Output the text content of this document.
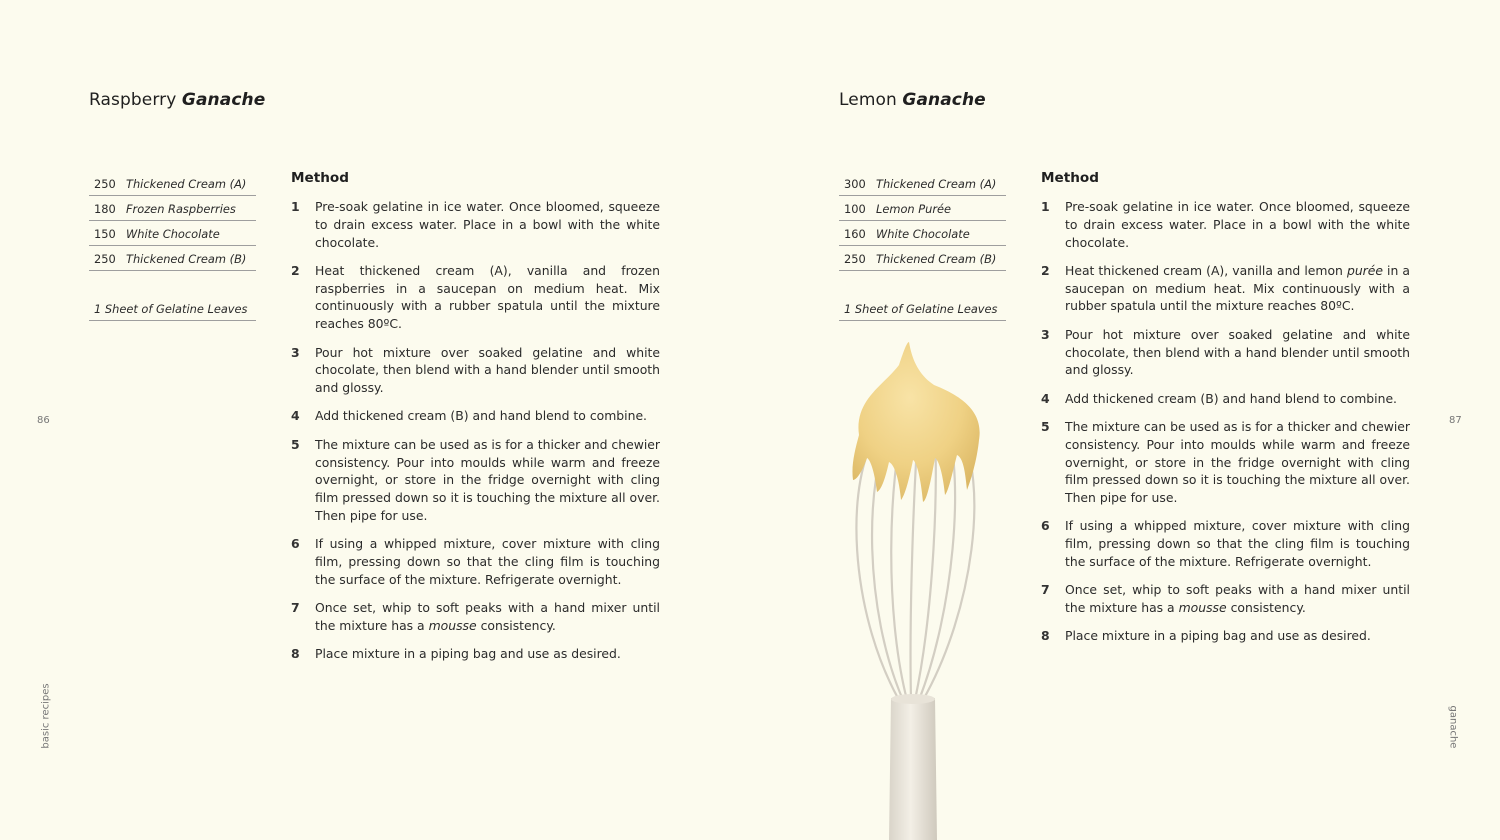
Raspberry Ganache
250 Thickened Cream (A)
180 Frozen Raspberries
150 White Chocolate
250 Thickened Cream (B)
1 Sheet of Gelatine Leaves
Method
1	Pre-soak gelatine in ice water. Once bloomed, squeeze to drain excess water. Place in a bowl with the white chocolate.
2	Heat thickened cream (A), vanilla and frozen raspberries in a saucepan on medium heat. Mix continuously with a rubber spatula until the mixture reaches 80ºC.
3	Pour hot mixture over soaked gelatine and white chocolate, then blend with a hand blender until smooth and glossy.
4	Add thickened cream (B) and hand blend to combine.
5	The mixture can be used as is for a thicker and chewier consistency. Pour into moulds while warm and freeze overnight, or store in the fridge overnight with cling film pressed down so it is touching the mixture all over. Then pipe for use.
6	If using a whipped mixture, cover mixture with cling film, pressing down so that the cling film is touching the surface of the mixture. Refrigerate overnight.
7	Once set, whip to soft peaks with a hand mixer until the mixture has a mousse consistency.
8	Place mixture in a piping bag and use as desired.
86
basic recipes
Lemon Ganache
300 Thickened Cream (A)
100 Lemon Purée
160 White Chocolate
250 Thickened Cream (B)
1 Sheet of Gelatine Leaves
Method
1	Pre-soak gelatine in ice water. Once bloomed, squeeze to drain excess water. Place in a bowl with the white chocolate.
2	Heat thickened cream (A), vanilla and lemon purée in a saucepan on medium heat. Mix continuously with a rubber spatula until the mixture reaches 80ºC.
3	Pour hot mixture over soaked gelatine and white chocolate, then blend with a hand blender until smooth and glossy.
4	Add thickened cream (B) and hand blend to combine.
5	The mixture can be used as is for a thicker and chewier consistency. Pour into moulds while warm and freeze overnight, or store in the fridge overnight with cling film pressed down so it is touching the mixture all over. Then pipe for use.
6	If using a whipped mixture, cover mixture with cling film, pressing down so that the cling film is touching the surface of the mixture. Refrigerate overnight.
7	Once set, whip to soft peaks with a hand mixer until the mixture has a mousse consistency.
8	Place mixture in a piping bag and use as desired.
87
ganache
